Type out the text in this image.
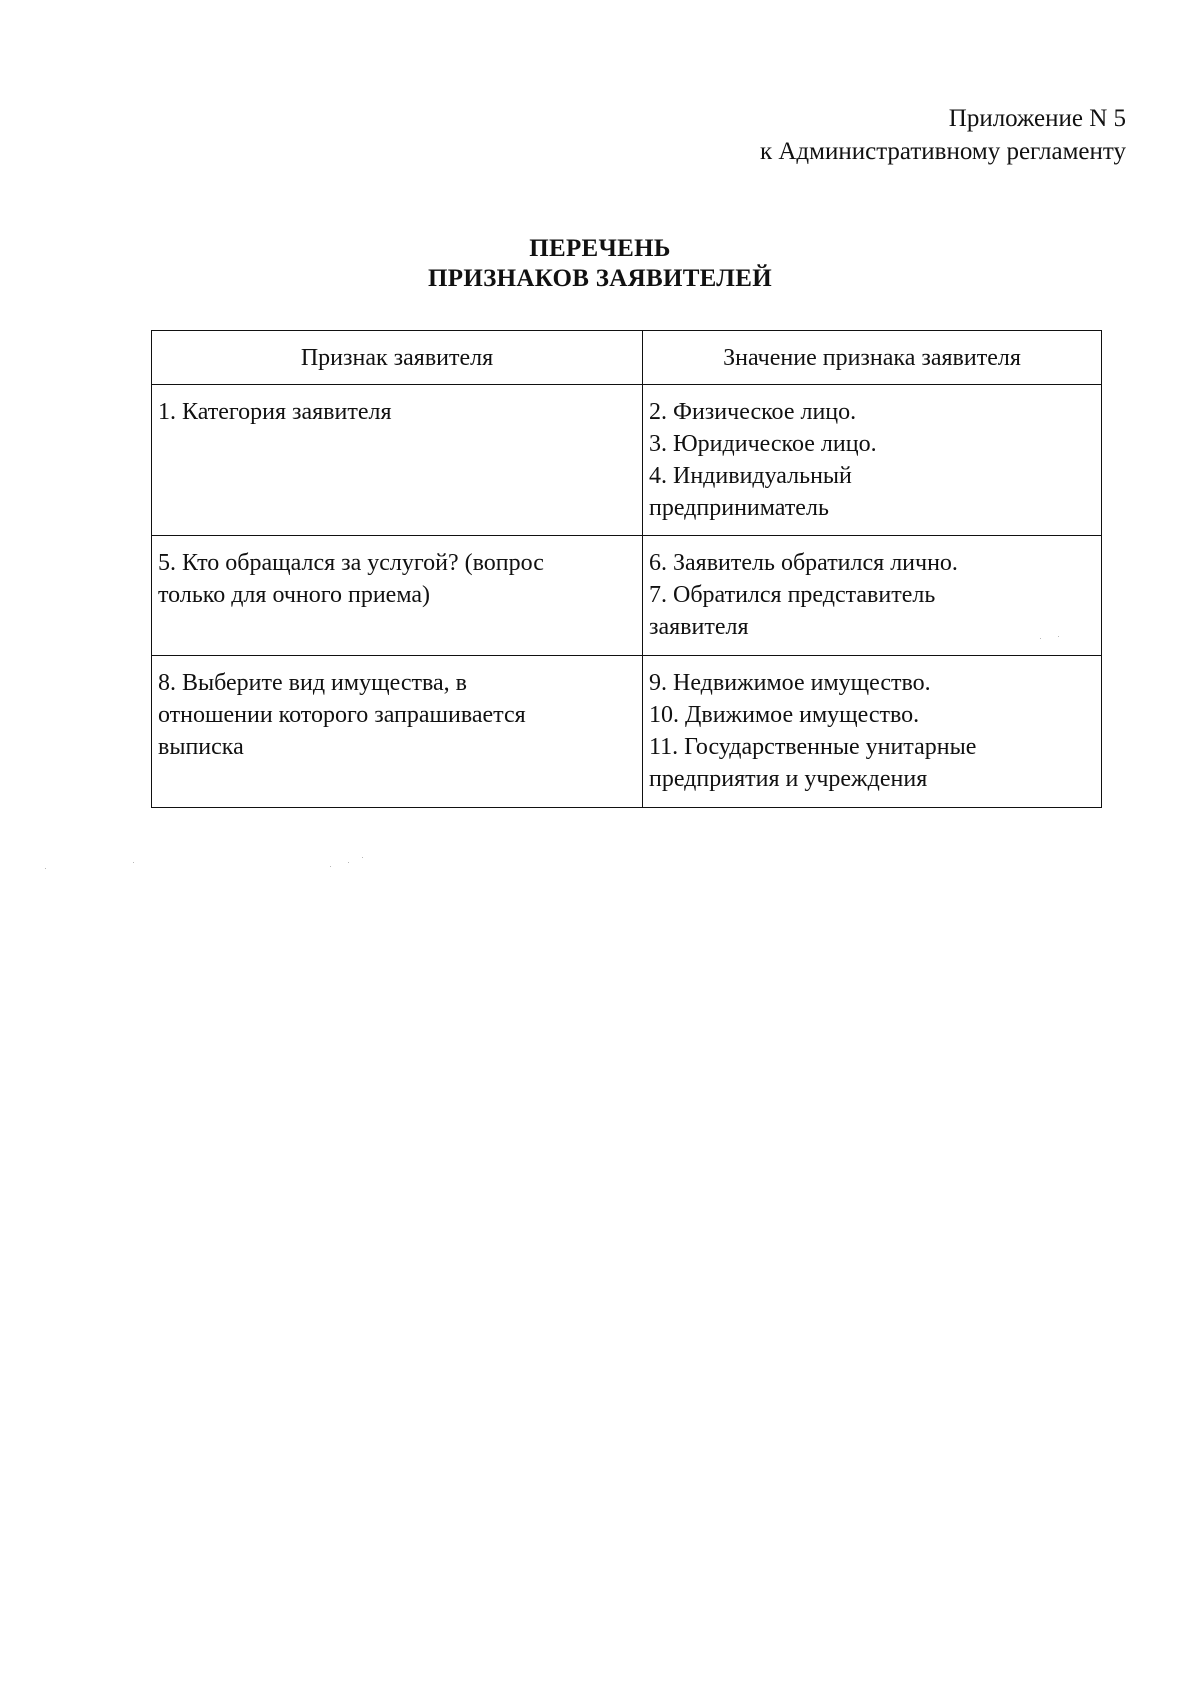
Приложение N 5
к Административному регламенту
ПЕРЕЧЕНЬ
ПРИЗНАКОВ ЗАЯВИТЕЛЕЙ
Признак заявителя	Значение признака заявителя

1. Категория заявителя	2. Физическое лицо.
3. Юридическое лицо.
4. Индивидуальный
предприниматель

5. Кто обращался за услугой? (вопрос
только для очного приема)	6. Заявитель обратился лично.
7. Обратился представитель
заявителя

8. Выберите вид имущества, в
отношении которого запрашивается
выписка	9. Недвижимое имущество.
10. Движимое имущество.
11. Государственные унитарные
предприятия и учреждения
